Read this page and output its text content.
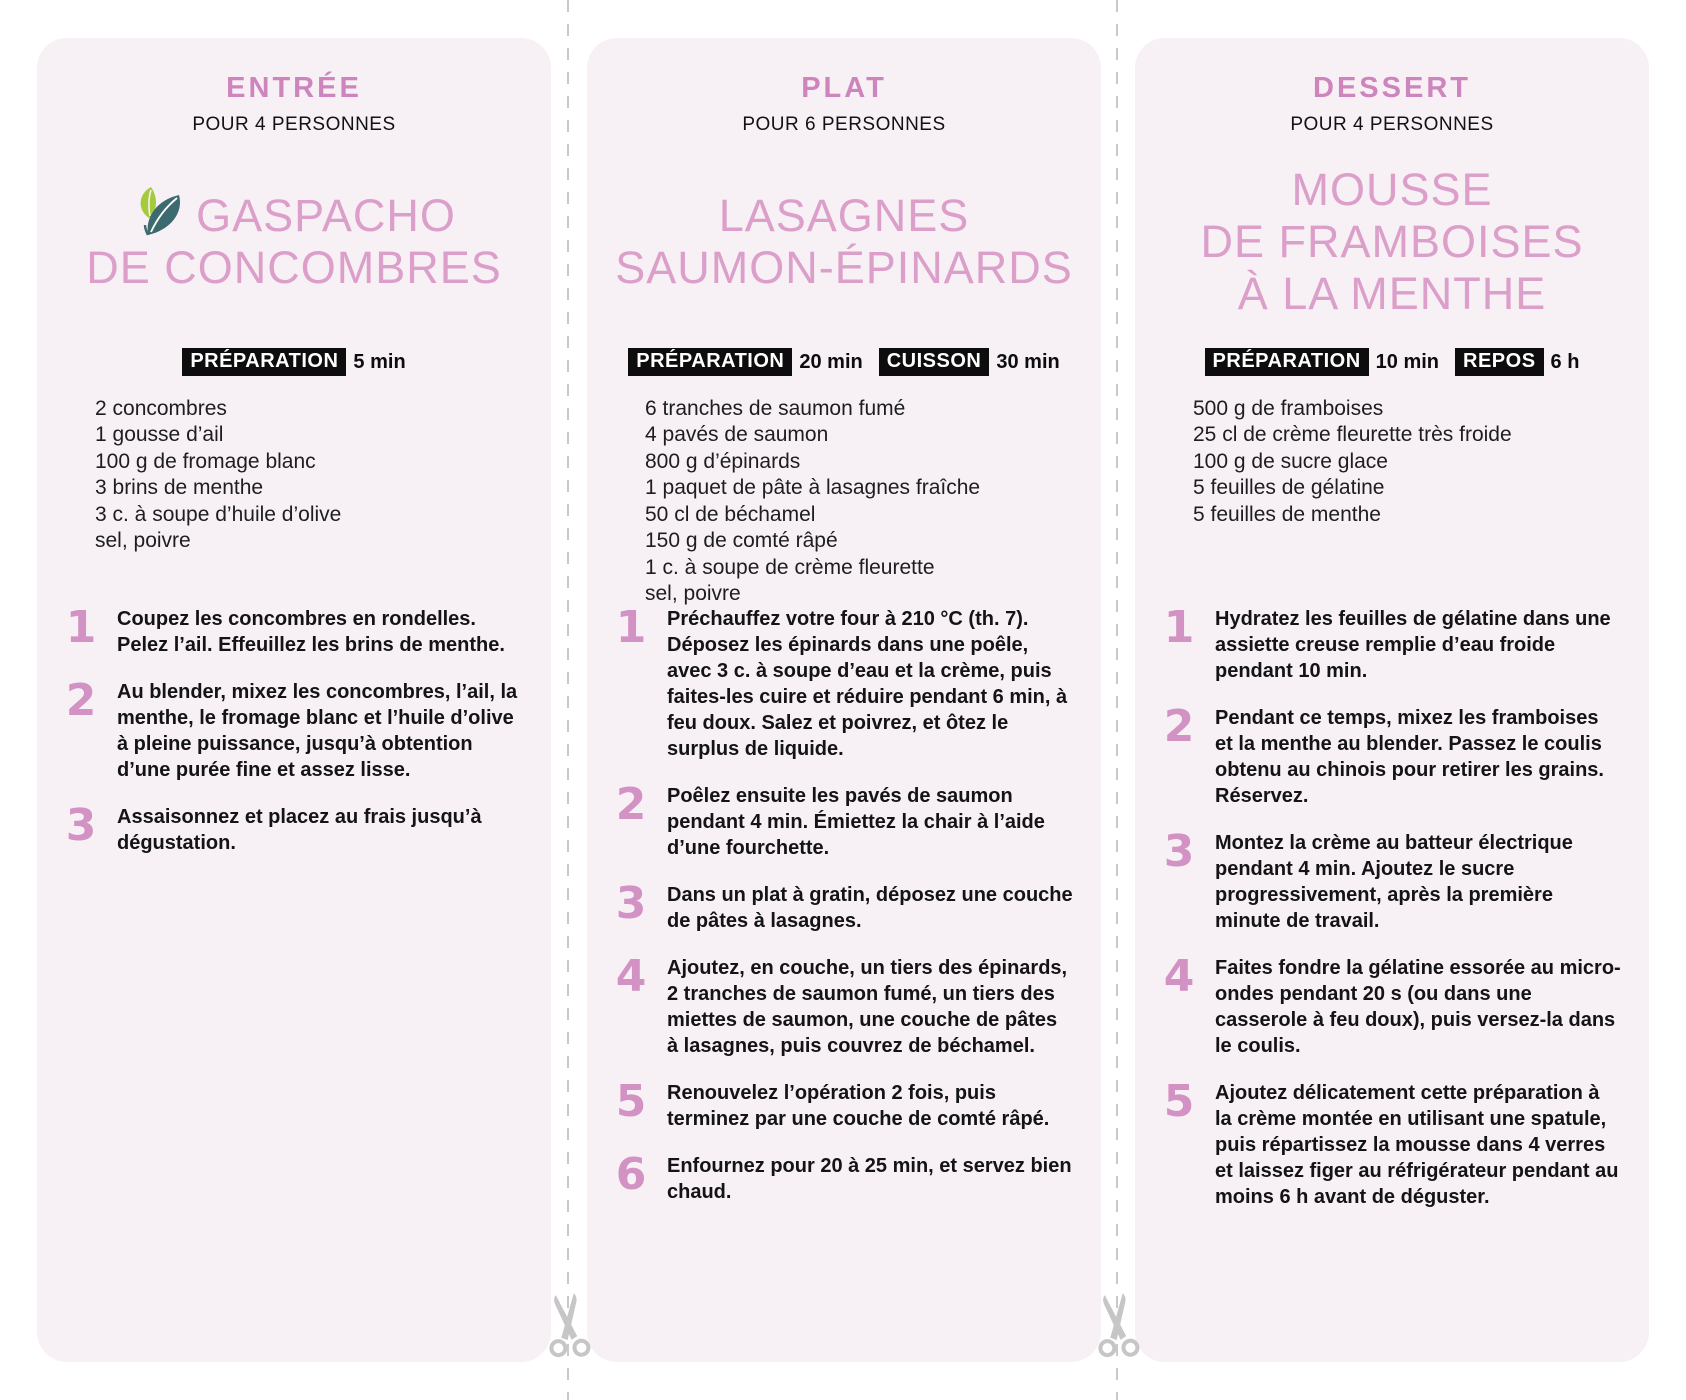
ENTRÉE
POUR 4 PERSONNES
GASPACHO
DE CONCOMBRES
PRÉPARATION 5 min
2 concombres
1 gousse d’ail
100 g de fromage blanc
3 brins de menthe
3 c. à soupe d’huile d’olive
sel, poivre
1	Coupez les concombres en rondelles. Pelez l’ail. Effeuillez les brins de menthe.

2	Au blender, mixez les concombres, l’ail, la menthe, le fromage blanc et l’huile d’olive à pleine puissance, jusqu’à obtention d’une purée fine et assez lisse.

3	Assaisonnez et placez au frais jusqu’à dégustation.

PLAT
POUR 6 PERSONNES
LASAGNES
SAUMON-ÉPINARDS
PRÉPARATION 20 min	CUISSON 30 min
6 tranches de saumon fumé
4 pavés de saumon
800 g d’épinards
1 paquet de pâte à lasagnes fraîche
50 cl de béchamel
150 g de comté râpé
1 c. à soupe de crème fleurette
sel, poivre
1	Préchauffez votre four à 210 °C (th. 7). Déposez les épinards dans une poêle, avec 3 c. à soupe d’eau et la crème, puis faites-les cuire et réduire pendant 6 min, à feu doux. Salez et poivrez, et ôtez le surplus de liquide.

2	Poêlez ensuite les pavés de saumon pendant 4 min. Émiettez la chair à l’aide d’une fourchette.

3	Dans un plat à gratin, déposez une couche de pâtes à lasagnes.

4	Ajoutez, en couche, un tiers des épinards, 2 tranches de saumon fumé, un tiers des miettes de saumon, une couche de pâtes à lasagnes, puis couvrez de béchamel.

5	Renouvelez l’opération 2 fois, puis terminez par une couche de comté râpé.

6	Enfournez pour 20 à 25 min, et servez bien chaud.

DESSERT
POUR 4 PERSONNES
MOUSSE
DE FRAMBOISES
À LA MENTHE
PRÉPARATION 10 min	REPOS 6 h
500 g de framboises
25 cl de crème fleurette très froide
100 g de sucre glace
5 feuilles de gélatine
5 feuilles de menthe
1	Hydratez les feuilles de gélatine dans une assiette creuse remplie d’eau froide pendant 10 min.

2	Pendant ce temps, mixez les framboises et la menthe au blender. Passez le coulis obtenu au chinois pour retirer les grains. Réservez.

3	Montez la crème au batteur électrique pendant 4 min. Ajoutez le sucre progressivement, après la première minute de travail.

4	Faites fondre la gélatine essorée au micro-ondes pendant 20 s (ou dans une casserole à feu doux), puis versez-la dans le coulis.

5	Ajoutez délicatement cette préparation à la crème montée en utilisant une spatule, puis répartissez la mousse dans 4 verres et laissez figer au réfrigérateur pendant au moins 6 h avant de déguster.
